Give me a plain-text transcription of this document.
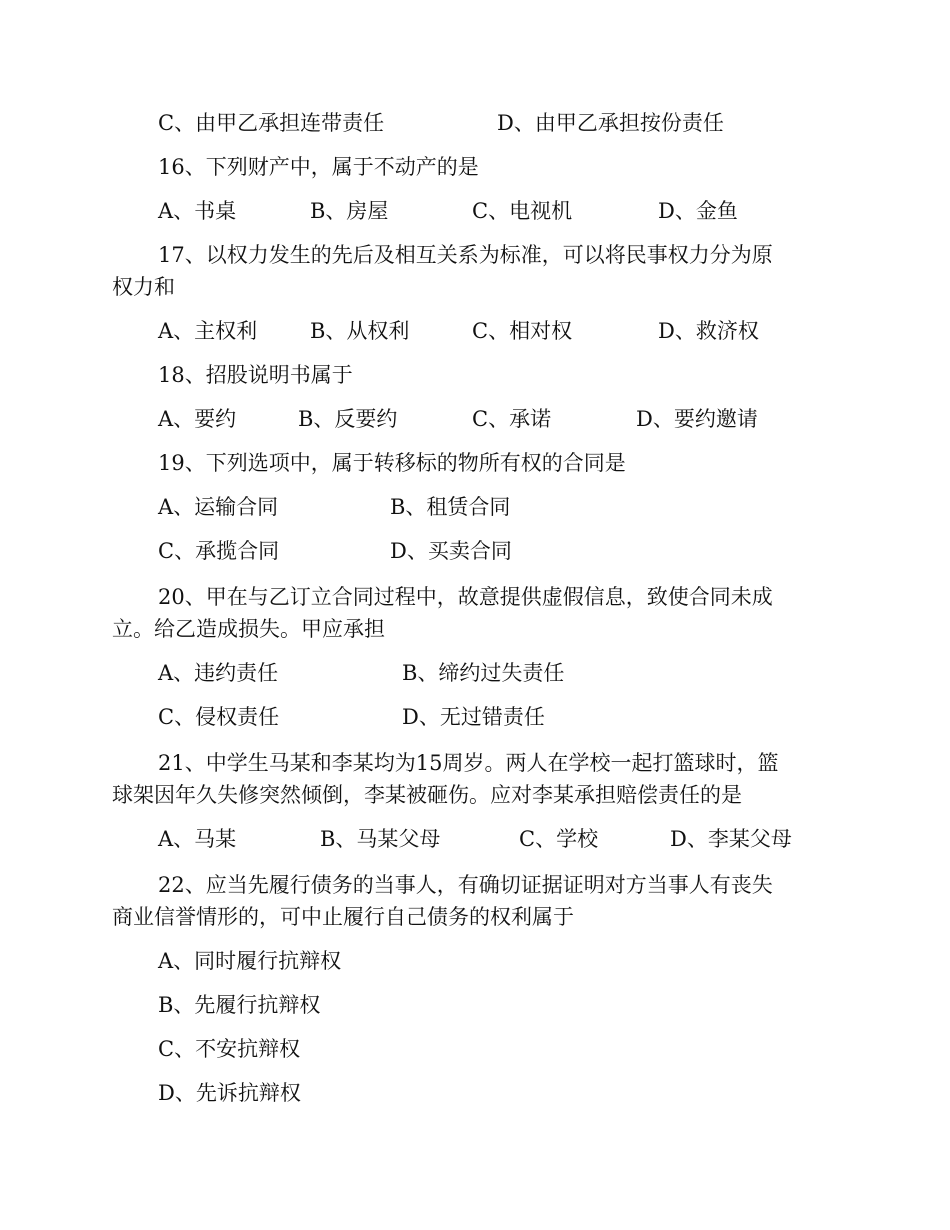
C、由甲乙承担连带责任	D、由甲乙承担按份责任
16、下列财产中，属于不动产的是
A、书桌	B、房屋	C、电视机	D、金鱼
17、以权力发生的先后及相互关系为标准，可以将民事权力分为原
权力和
A、主权利	B、从权利	C、相对权	D、救济权
18、招股说明书属于
A、要约	B、反要约	C、承诺	D、要约邀请
19、下列选项中，属于转移标的物所有权的合同是
A、运输合同	B、租赁合同
C、承揽合同	D、买卖合同
20、甲在与乙订立合同过程中，故意提供虚假信息，致使合同未成
立。给乙造成损失。甲应承担
A、违约责任	B、缔约过失责任
C、侵权责任	D、无过错责任
21、中学生马某和李某均为15周岁。两人在学校一起打篮球时，篮
球架因年久失修突然倾倒，李某被砸伤。应对李某承担赔偿责任的是
A、马某	B、马某父母	C、学校	D、李某父母
22、应当先履行债务的当事人，有确切证据证明对方当事人有丧失
商业信誉情形的，可中止履行自己债务的权利属于
A、同时履行抗辩权
B、先履行抗辩权
C、不安抗辩权
D、先诉抗辩权
